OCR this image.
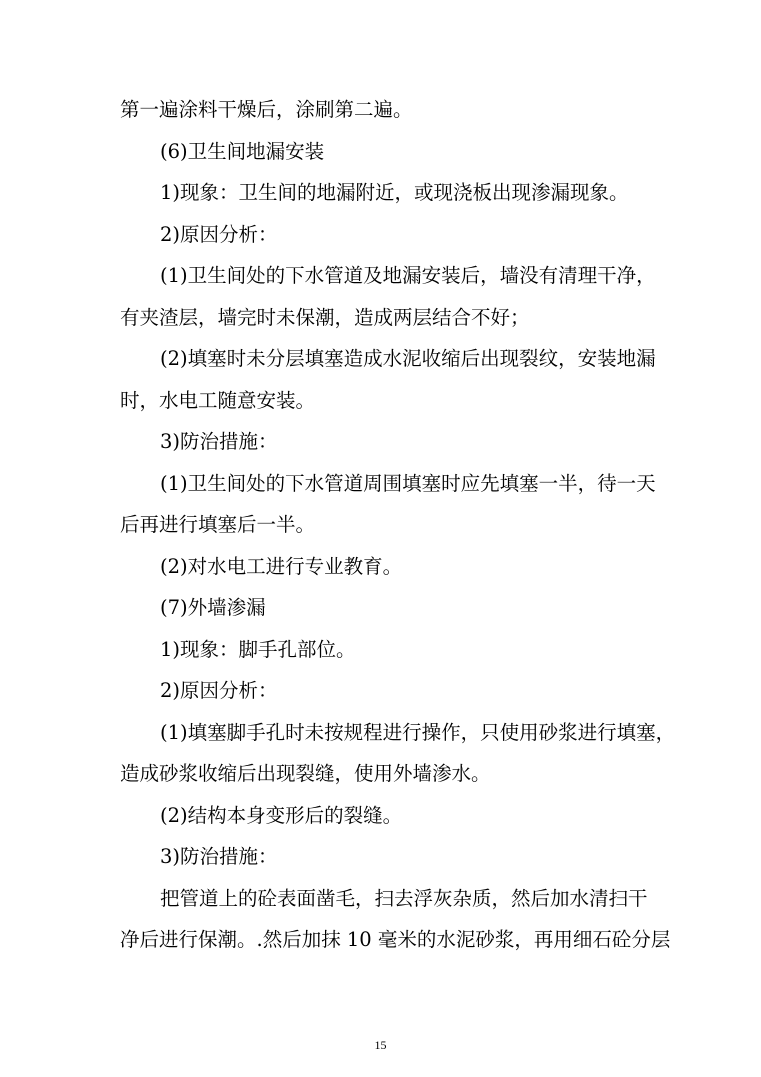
第一遍涂料干燥后，涂刷第二遍。
(6)卫生间地漏安装
1)现象：卫生间的地漏附近，或现浇板出现渗漏现象。
2)原因分析：
(1)卫生间处的下水管道及地漏安装后，墙没有清理干净，
有夹渣层，墙完时未保潮，造成两层结合不好；
(2)填塞时未分层填塞造成水泥收缩后出现裂纹，安装地漏
时，水电工随意安装。
3)防治措施：
(1)卫生间处的下水管道周围填塞时应先填塞一半，待一天
后再进行填塞后一半。
(2)对水电工进行专业教育。
(7)外墙渗漏
1)现象：脚手孔部位。
2)原因分析：
(1)填塞脚手孔时未按规程进行操作，只使用砂浆进行填塞，
造成砂浆收缩后出现裂缝，使用外墙渗水。
(2)结构本身变形后的裂缝。
3)防治措施：
把管道上的砼表面凿毛，扫去浮灰杂质，然后加水清扫干
净后进行保潮。.然后加抹 10 毫米的水泥砂浆，再用细石砼分层
15
